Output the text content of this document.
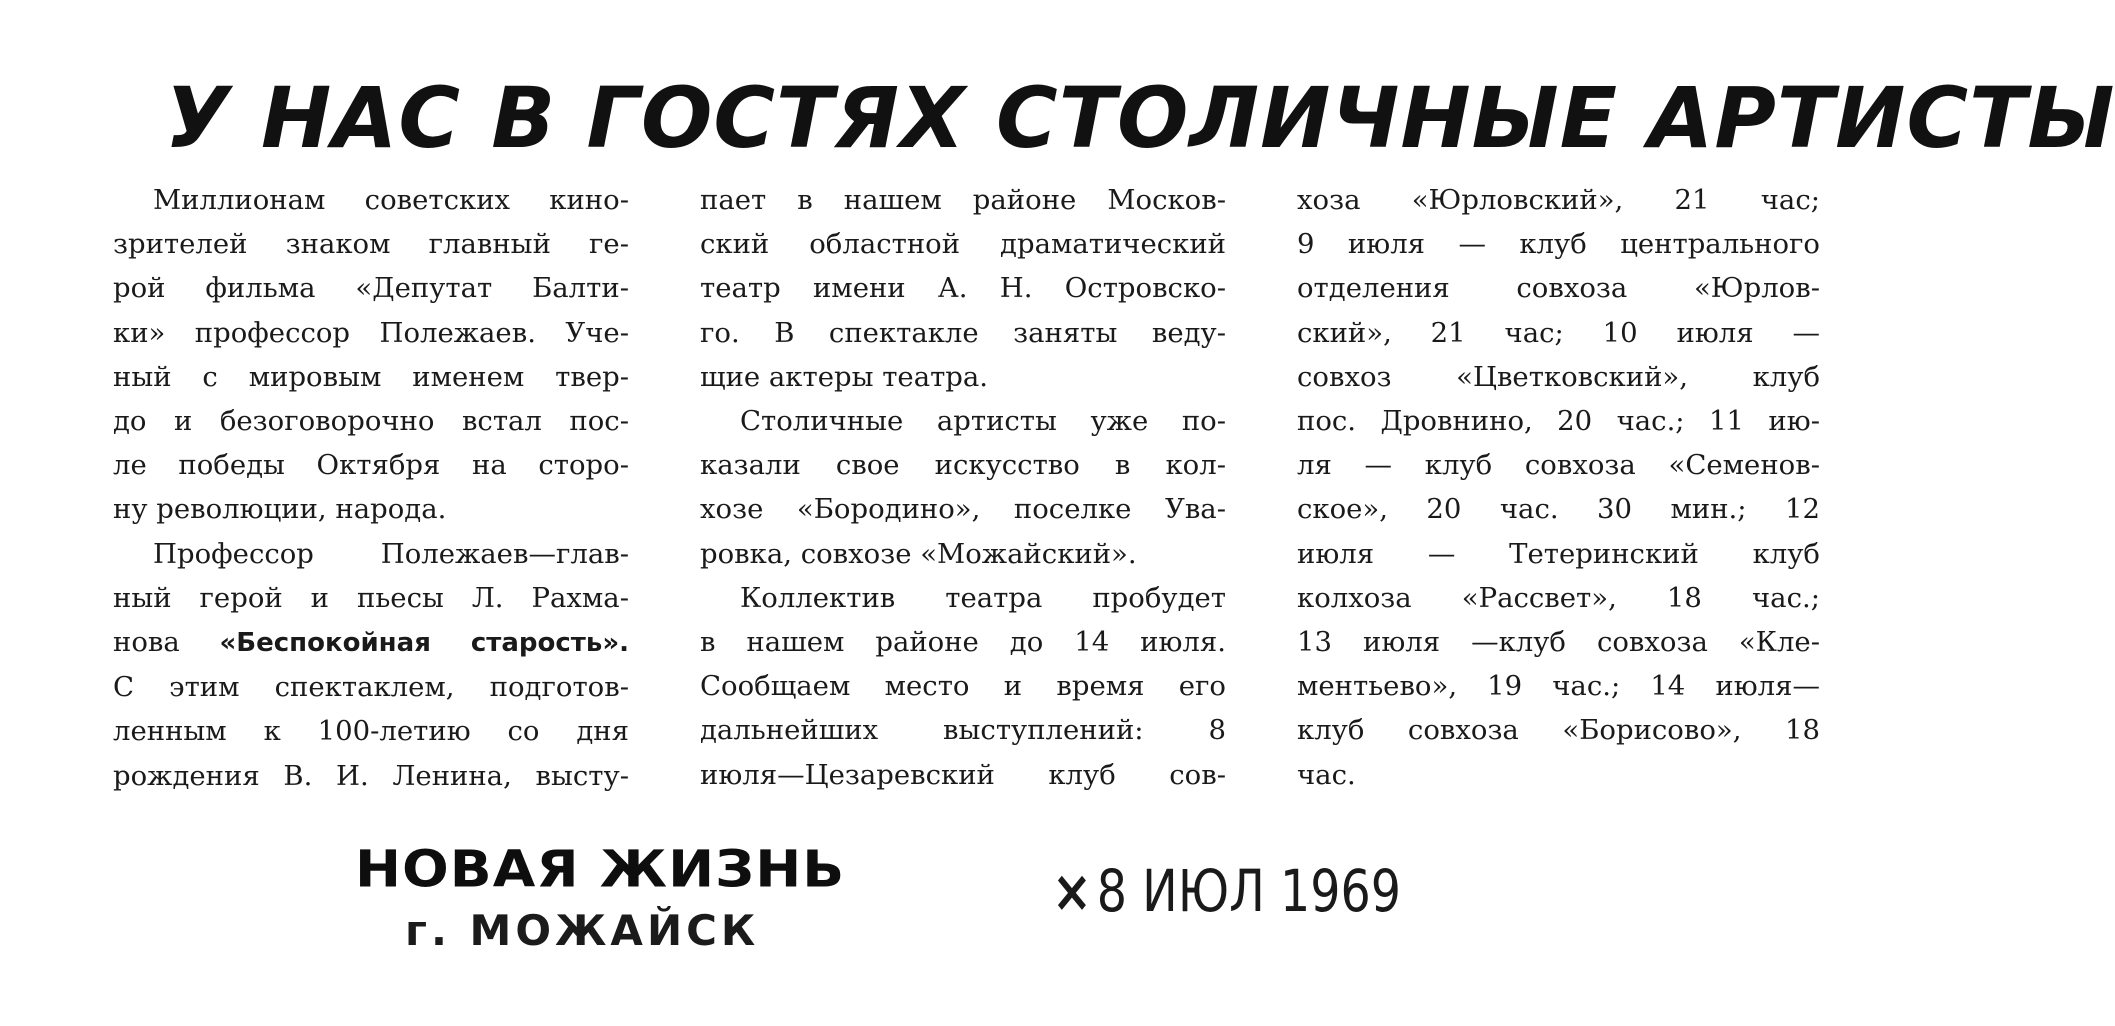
У НАС В ГОСТЯХ СТОЛИЧНЫЕ АРТИСТЫ

Миллионам советских кино-

зрителей знаком главный ге-

рой фильма «Депутат Балти-

ки» профессор Полежаев. Уче-

ный с мировым именем твер-

до и безоговорочно встал пос-

ле победы Октября на сторо-

ну революции, народа.

Профессор Полежаев—глав-

ный герой и пьесы Л. Рахма-

нова «Беспокойная старость».

С этим спектаклем, подготов-

ленным к 100-летию со дня

рождения В. И. Ленина, высту-

пает в нашем районе Москов-

ский областной драматический

театр имени А. Н. Островско-

го. В спектакле заняты веду-

щие актеры театра.

Столичные артисты уже по-

казали свое искусство в кол-

хозе «Бородино», поселке Ува-

ровка, совхозе «Можайский».

Коллектив театра пробудет

в нашем районе до 14 июля.

Сообщаем место и время его

дальнейших выступлений: 8

июля—Цезаревский клуб сов-

хоза «Юрловский», 21 час;

9 июля — клуб центрального

отделения совхоза «Юрлов-

ский», 21 час; 10 июля —

совхоз «Цветковский», клуб

пос. Дровнино, 20 час.; 11 ию-

ля — клуб совхоза «Семенов-

ское», 20 час. 30 мин.; 12

июля — Тетеринский клуб

колхоза «Рассвет», 18 час.;

13 июля —клуб совхоза «Кле-

ментьево», 19 час.; 14 июля—

клуб совхоза «Борисово», 18

час.

НОВАЯ ЖИЗНЬ
г. МОЖАЙСК
×8 ИЮЛ 1969
